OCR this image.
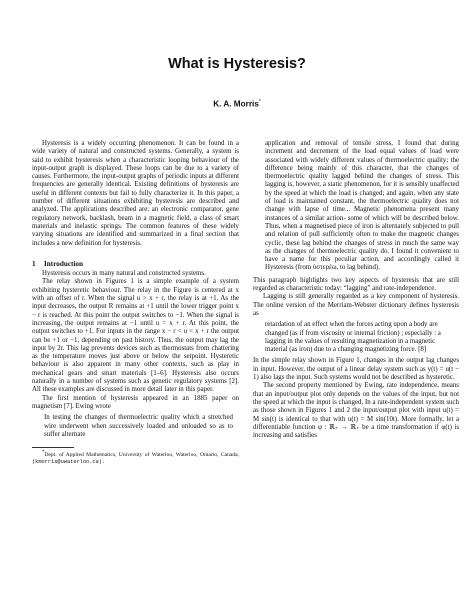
What is Hysteresis?
K. A. Morris*

Hysteresis is a widely occurring phenomenon. It can be found in a wide variety of natural and constructed systems. Generally, a system is said to exhibit hysteresis when a characteristic looping behaviour of the input-output graph is displayed. These loops can be due to a variety of causes. Furthermore, the input-output graphs of periodic inputs at different frequencies are generally identical. Existing definitions of hysteresis are useful in different contexts but fail to fully characterize it. In this paper, a number of different situations exhibiting hysteresis are described and analyzed. The applications described are: an electronic comparator, gene regulatory network, backlash, beam in a magnetic field, a class of smart materials and inelastic springs. The common features of these widely varying situations are identified and summarized in a final section that includes a new definition for hysteresis.

1 Introduction

Hysteresis occurs in many natural and constructed systems.

The relay shown in Figures 1 is a simple example of a system exhibiting hysteretic behaviour. The relay in the Figure is centered at x with an offset of r. When the signal u > x + r, the relay is at +1. As the input decreases, the output R remains at +1 until the lower trigger point x − r is reached. At this point the output switches to −1. When the signal is increasing, the output remains at −1 until u = x + r. At this point, the output switches to +1. For inputs in the range x − r < u < x + r the output can be +1 or −1, depending on past history. Thus, the output may lag the input by 2r. This lag prevents devices such as thermostats from chattering as the temperature moves just above or below the setpoint. Hysteretic behaviour is also apparent in many other contexts, such as play in mechanical gears and smart materials [1–6]. Hysteresis also occurs naturally in a number of systems such as genetic regulatory systems [2]. All these examples are discussed in more detail later in this paper.

The first mention of hysteresis appeared in an 1885 paper on magnetism [7]. Ewing wrote

In testing the changes of thermoelectric quality which a stretched wire underwent when successively loaded and unloaded so as to suffer alternate

*Dept. of Applied Mathematics, University of Waterloo, Waterloo, Ontario, Canada, (kmorris@uwaterloo.ca).

application and removal of tensile stress, I found that during increment and decrement of the load equal values of load were associated with widely different values of thermoelectric quality; the difference being mainly of this character, that the changes of thermoelectric quality lagged behind the changes of stress. This lagging is, however, a static phenomenon, for it is sensibly unaffected by the speed at which the load is changed; and again, when any state of load is maintained constant, the thermoelectric quality does not change with lapse of time... Magnetic phenomena present many instances of a similar action- some of which will be described below. Thus, when a magnetised piece of iron is alternately subjected to pull and relation of pull sufficiently often to make the magnetic changes cyclic, these lag behind the changes of stress in much the same way as the changes of thermoelectric quality do. I found it convenient to have a name for this peculiar action, and accordingly called it Hysteresis (from ὑστερέω, to lag behind).

This paragraph highlights two key aspects of hysteresis that are still regarded as characteristic today: “lagging” and rate-independence.

Lagging is still generally regarded as a key component of hysteresis. The online version of the Merriam-Webster dictionary defines hysteresis as

retardation of an effect when the forces acting upon a body are changed (as if from viscosity or internal friction) ; especially : a lagging in the values of resulting magnetization in a magnetic material (as iron) due to a changing magnetizing force. [8]

In the simple relay shown in Figure 1, changes in the output lag changes in input. However, the output of a linear delay system such as y(t) = u(t − 1) also lags the input. Such systems would not be described as hysteretic.

The second property mentioned by Ewing, rate independence, means that an input/output plot only depends on the values of the input, but not the speed at which the input is changed. In a rate-independent system such as those shown in Figures 1 and 2 the input/output plot with input u(t) = M sin(t) is identical to that with u(t) = M sin(10t). More formally, let a differentiable function φ : ℝ₊ → ℝ₊ be a time transformation if φ(t) is increasing and satisfies
